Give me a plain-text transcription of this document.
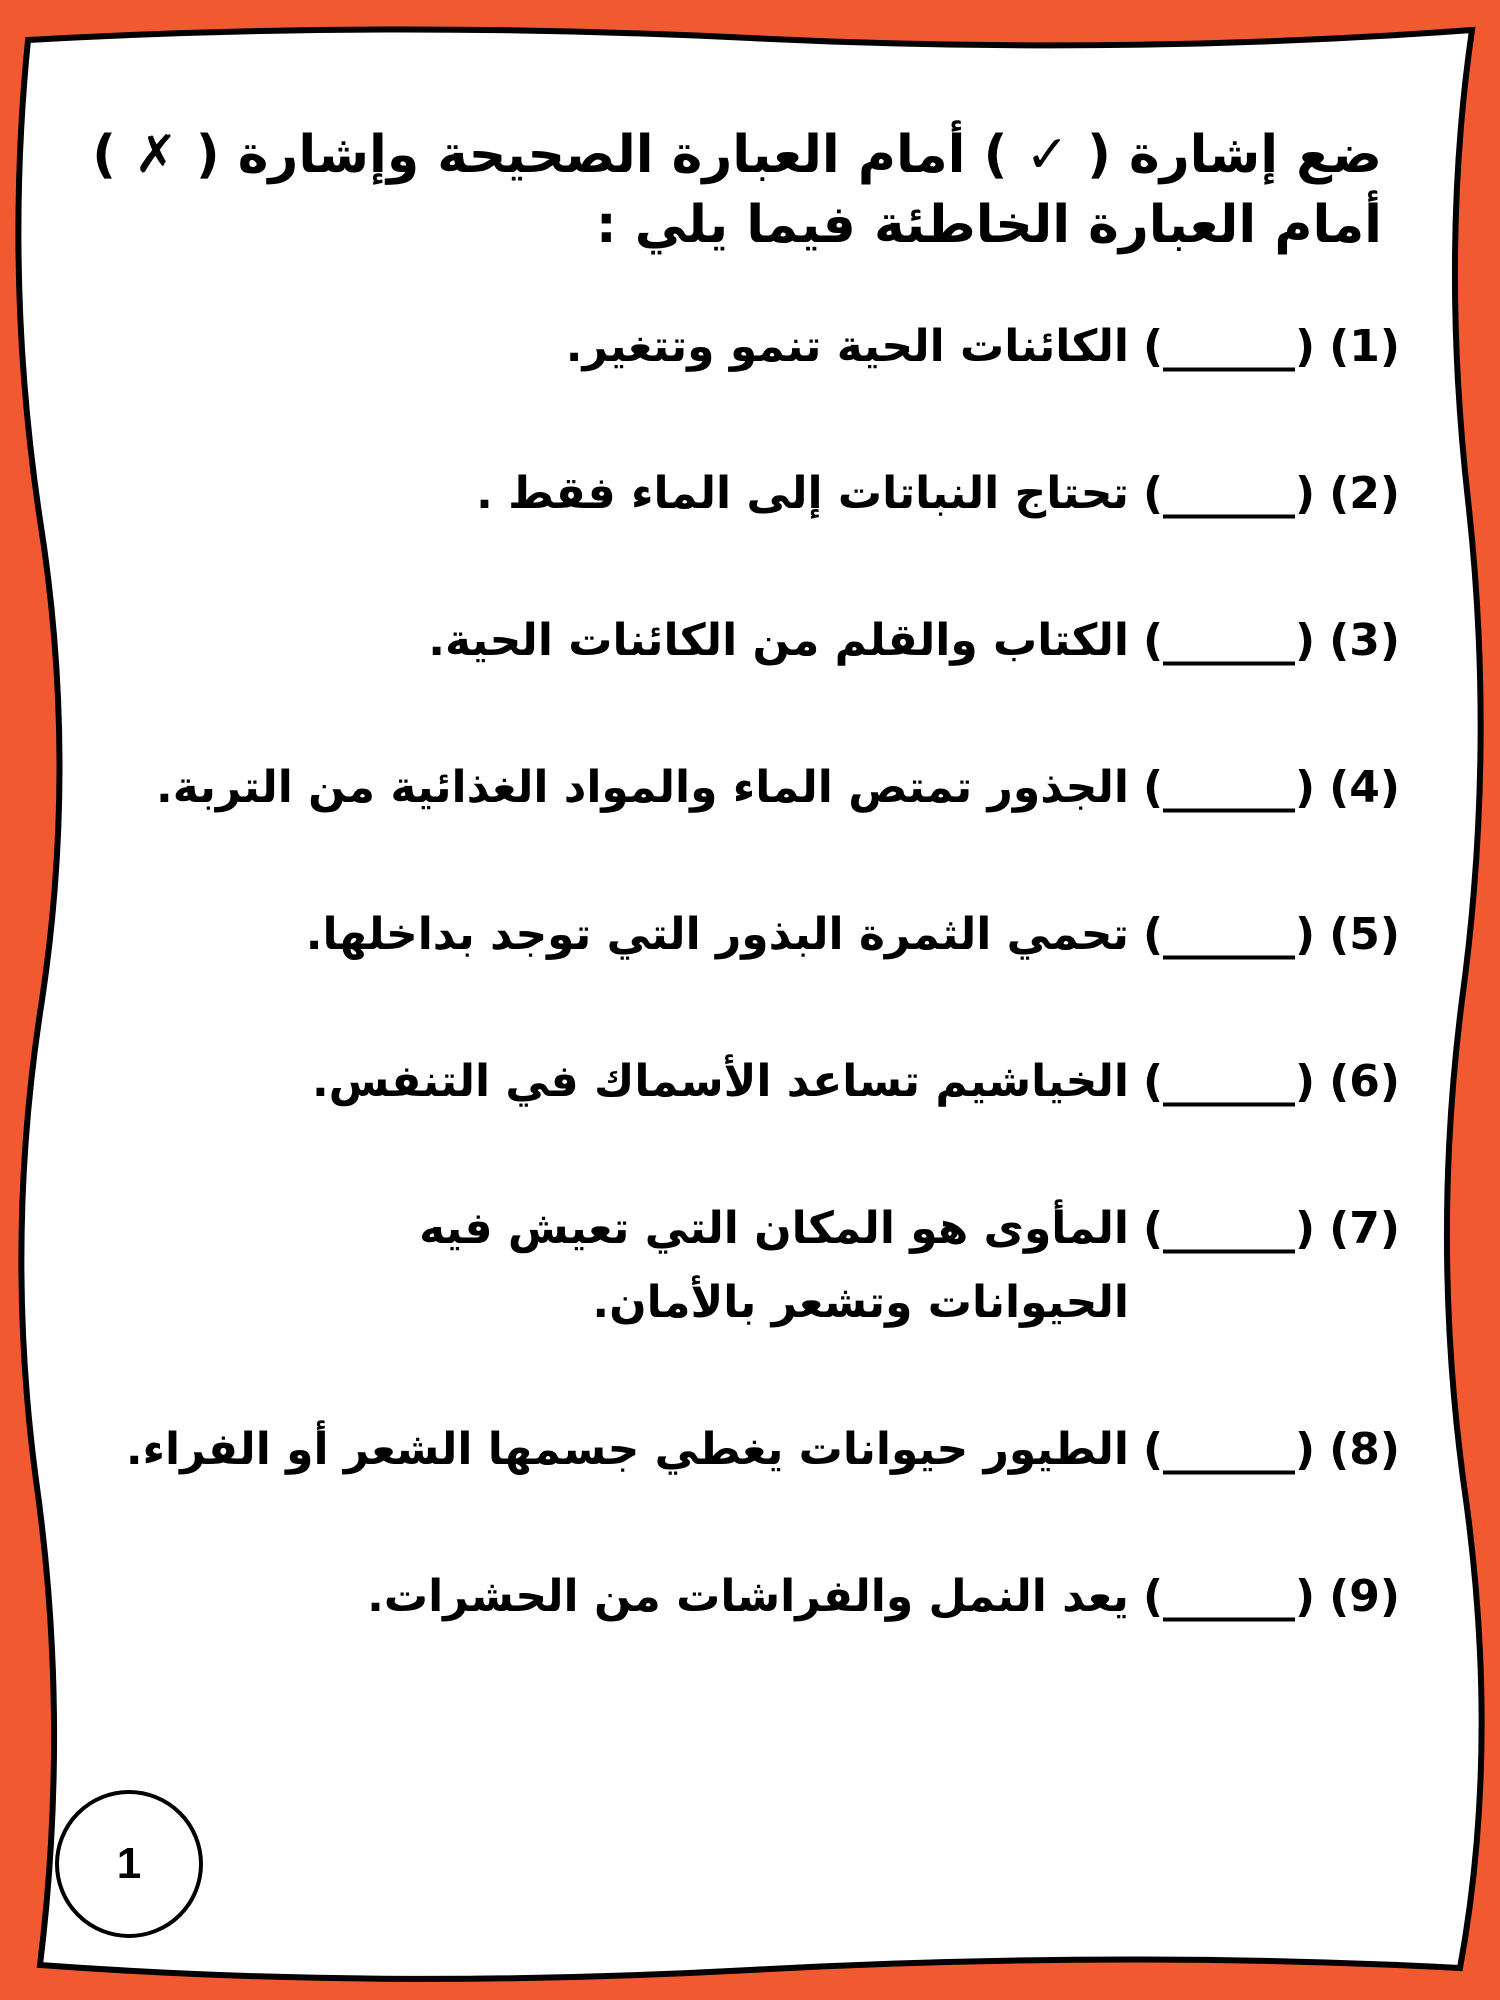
ضع إشارة ( ✓ ) أمام العبارة الصحيحة وإشارة ( ✗ )
أمام العبارة الخاطئة فيما يلي :
(1)
(______)
الكائنات الحية تنمو وتتغير.
(2)
(______)
تحتاج النباتات إلى الماء فقط .
(3)
(______)
الكتاب والقلم من الكائنات الحية.
(4)
(______)
الجذور تمتص الماء والمواد الغذائية من التربة.
(5)
(______)
تحمي الثمرة البذور التي توجد بداخلها.
(6)
(______)
الخياشيم تساعد الأسماك في التنفس.
(7)
(______)
المأوى هو المكان التي تعيش فيه الحيوانات وتشعر بالأمان.
(8)
(______)
الطيور حيوانات يغطي جسمها الشعر أو الفراء.
(9)
(______)
يعد النمل والفراشات من الحشرات.
1
